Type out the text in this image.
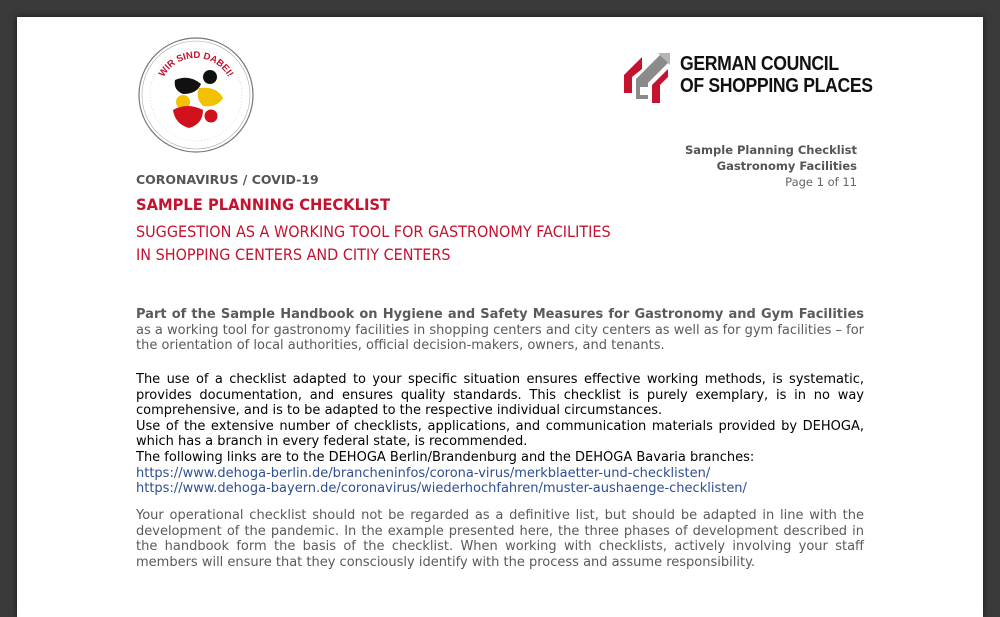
WIR SIND DABEI!	GERMAN COUNCIL
OF SHOPPING PLACES
Sample Planning Checklist
Gastronomy Facilities
Page 1 of 11
CORONAVIRUS / COVID-19
SAMPLE PLANNING CHECKLIST
SUGGESTION AS A WORKING TOOL FOR GASTRONOMY FACILITIES
IN SHOPPING CENTERS AND CITIY CENTERS
Part of the Sample Handbook on Hygiene and Safety Measures for Gastronomy and Gym Facilities as a working tool for gastronomy facilities in shopping centers and city centers as well as for gym facilities – for the orientation of local authorities, official decision-makers, owners, and tenants.
The use of a checklist adapted to your specific situation ensures effective working methods, is systematic, provides documentation, and ensures quality standards. This checklist is purely exemplary, is in no way comprehensive, and is to be adapted to the respective individual circumstances.
Use of the extensive number of checklists, applications, and communication materials provided by DEHOGA, which has a branch in every federal state, is recommended.
The following links are to the DEHOGA Berlin/Brandenburg and the DEHOGA Bavaria branches:
https://www.dehoga-berlin.de/brancheninfos/corona-virus/merkblaetter-und-checklisten/
https://www.dehoga-bayern.de/coronavirus/wiederhochfahren/muster-aushaenge-checklisten/
Your operational checklist should not be regarded as a definitive list, but should be adapted in line with the development of the pandemic. In the example presented here, the three phases of development described in the handbook form the basis of the checklist. When working with checklists, actively involving your staff members will ensure that they consciously identify with the process and assume responsibility.
